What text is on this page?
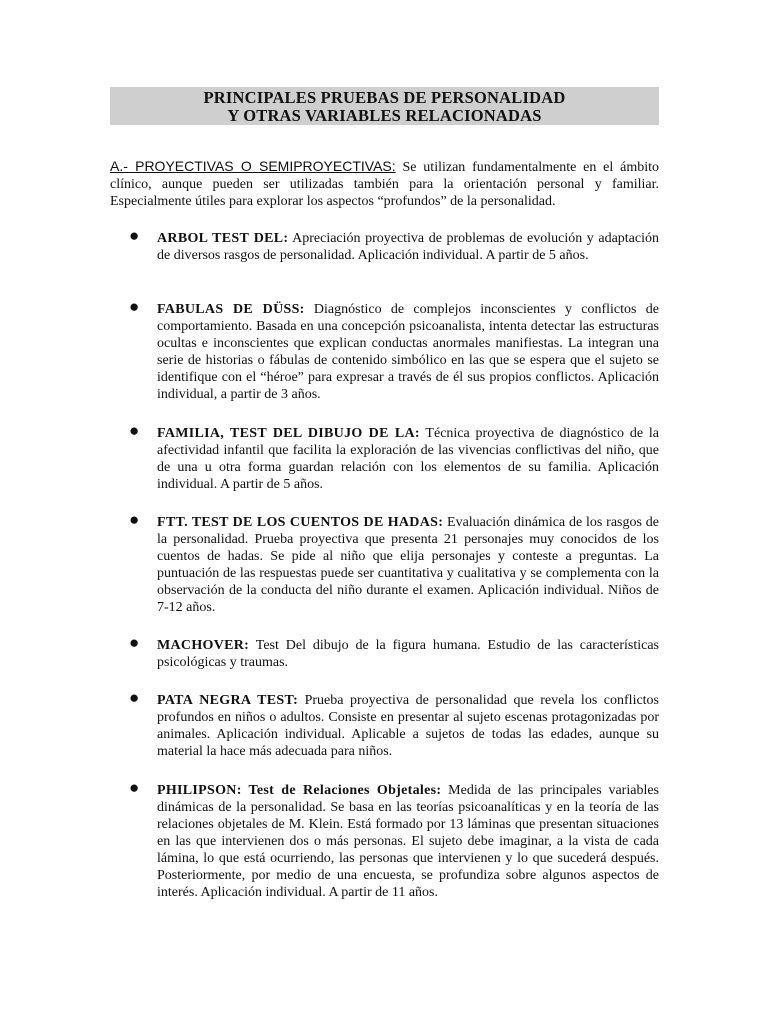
PRINCIPALES PRUEBAS DE PERSONALIDAD
Y OTRAS VARIABLES RELACIONADAS
A.- PROYECTIVAS O SEMIPROYECTIVAS: Se utilizan fundamentalmente en el ámbito clínico, aunque pueden ser utilizadas también para la orientación personal y familiar. Especialmente útiles para explorar los aspectos “profundos” de la personalidad.
● ARBOL TEST DEL: Apreciación proyectiva de problemas de evolución y adaptación de diversos rasgos de personalidad. Aplicación individual. A partir de 5 años.
● FABULAS DE DÜSS: Diagnóstico de complejos inconscientes y conflictos de comportamiento. Basada en una concepción psicoanalista, intenta detectar las estructuras ocultas e inconscientes que explican conductas anormales manifiestas. La integran una serie de historias o fábulas de contenido simbólico en las que se espera que el sujeto se identifique con el “héroe” para expresar a través de él sus propios conflictos. Aplicación individual, a partir de 3 años.
● FAMILIA, TEST DEL DIBUJO DE LA: Técnica proyectiva de diagnóstico de la afectividad infantil que facilita la exploración de las vivencias conflictivas del niño, que de una u otra forma guardan relación con los elementos de su familia. Aplicación individual. A partir de 5 años.
● FTT. TEST DE LOS CUENTOS DE HADAS: Evaluación dinámica de los rasgos de la personalidad. Prueba proyectiva que presenta 21 personajes muy conocidos de los cuentos de hadas. Se pide al niño que elija personajes y conteste a preguntas. La puntuación de las respuestas puede ser cuantitativa y cualitativa y se complementa con la observación de la conducta del niño durante el examen. Aplicación individual. Niños de 7-12 años.
● MACHOVER: Test Del dibujo de la figura humana. Estudio de las características psicológicas y traumas.
● PATA NEGRA TEST: Prueba proyectiva de personalidad que revela los conflictos profundos en niños o adultos. Consiste en presentar al sujeto escenas protagonizadas por animales. Aplicación individual. Aplicable a sujetos de todas las edades, aunque su material la hace más adecuada para niños.
● PHILIPSON: Test de Relaciones Objetales: Medida de las principales variables dinámicas de la personalidad. Se basa en las teorías psicoanalíticas y en la teoría de las relaciones objetales de M. Klein. Está formado por 13 láminas que presentan situaciones en las que intervienen dos o más personas. El sujeto debe imaginar, a la vista de cada lámina, lo que está ocurriendo, las personas que intervienen y lo que sucederá después. Posteriormente, por medio de una encuesta, se profundiza sobre algunos aspectos de interés. Aplicación individual. A partir de 11 años.
